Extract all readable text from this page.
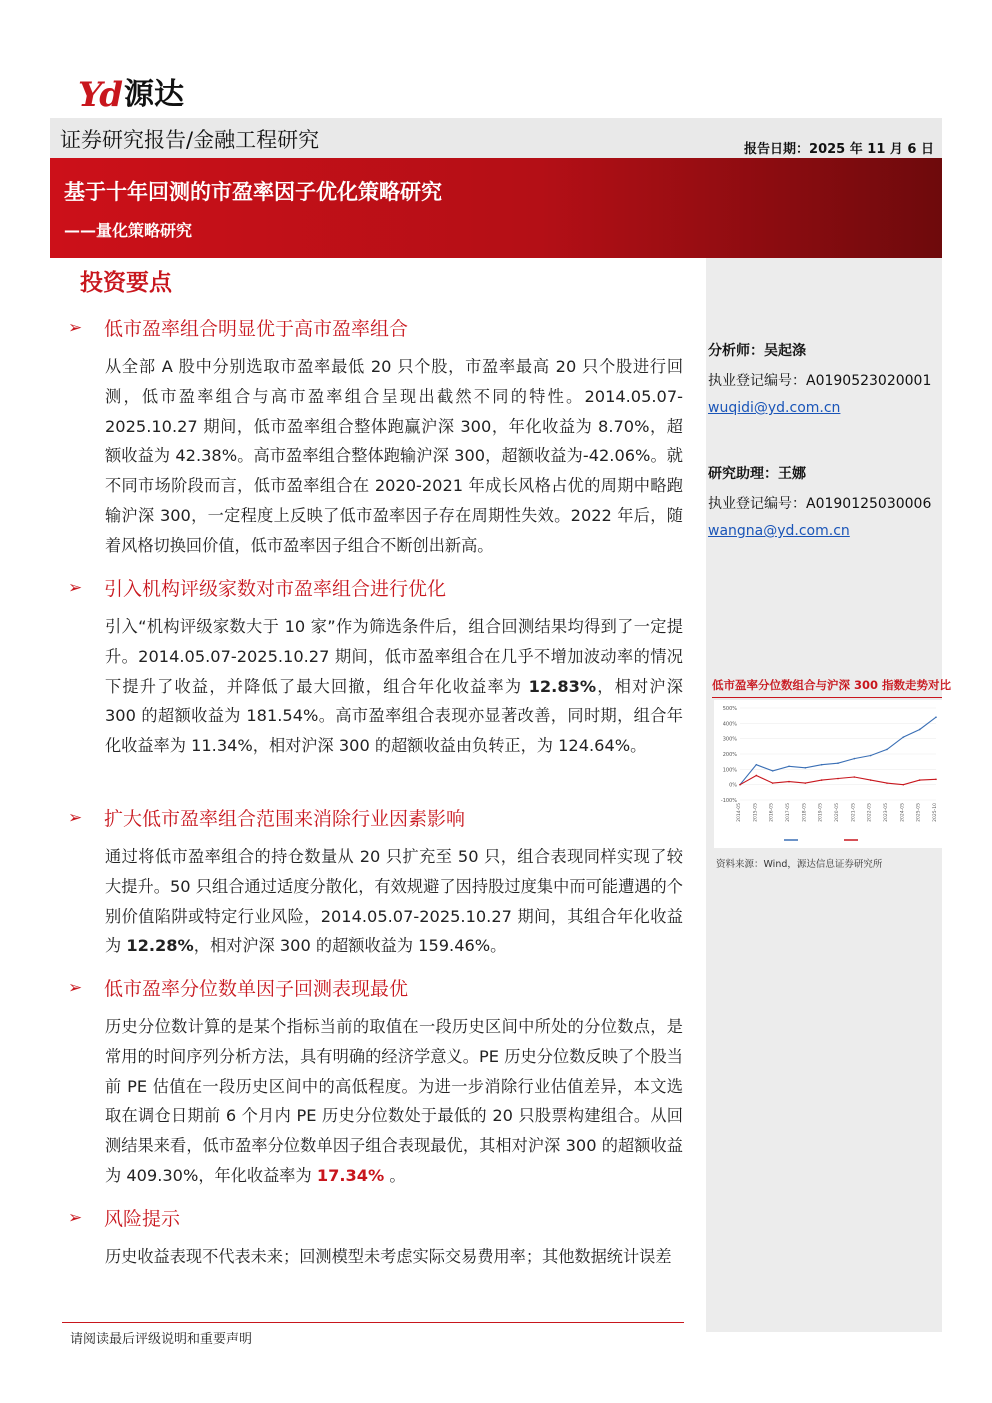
Yd 源达
证券研究报告/金融工程研究	报告日期：2025 年 11 月 6 日
基于十年回测的市盈率因子优化策略研究
——量化策略研究
分析师：吴起涤
执业登记编号：A0190523020001
wuqidi@yd.com.cn
研究助理：王娜
执业登记编号：A0190125030006
wangna@yd.com.cn
低市盈率分位数组合与沪深 300 指数走势对比
500%
400%
300%
200%
100%
0%
-100%
2014-05	2015-05	2016-05	2017-05	2018-05	2019-05	2020-05	2021-05	2022-05	2023-05	2024-05	2025-05	2025-10
资料来源：Wind，源达信息证券研究所
投资要点
➢ 低市盈率组合明显优于高市盈率组合

从全部 A 股中分别选取市盈率最低 20 只个股，市盈率最高 20 只个股进行回测，低市盈率组合与高市盈率组合呈现出截然不同的特性。2014.05.07-2025.10.27 期间，低市盈率组合整体跑赢沪深 300，年化收益为 8.70%，超额收益为 42.38%。高市盈率组合整体跑输沪深 300，超额收益为-42.06%。就不同市场阶段而言，低市盈率组合在 2020-2021 年成长风格占优的周期中略跑输沪深 300，一定程度上反映了低市盈率因子存在周期性失效。2022 年后，随着风格切换回价值，低市盈率因子组合不断创出新高。

➢ 引入机构评级家数对市盈率组合进行优化

引入“机构评级家数大于 10 家”作为筛选条件后，组合回测结果均得到了一定提升。2014.05.07-2025.10.27 期间，低市盈率组合在几乎不增加波动率的情况下提升了收益，并降低了最大回撤，组合年化收益率为 12.83%，相对沪深 300 的超额收益为 181.54%。高市盈率组合表现亦显著改善，同时期，组合年化收益率为 11.34%，相对沪深 300 的超额收益由负转正，为 124.64%。

➢ 扩大低市盈率组合范围来消除行业因素影响

通过将低市盈率组合的持仓数量从 20 只扩充至 50 只，组合表现同样实现了较大提升。50 只组合通过适度分散化，有效规避了因持股过度集中而可能遭遇的个别价值陷阱或特定行业风险，2014.05.07-2025.10.27 期间，其组合年化收益为 12.28%，相对沪深 300 的超额收益为 159.46%。

➢ 低市盈率分位数单因子回测表现最优

历史分位数计算的是某个指标当前的取值在一段历史区间中所处的分位数点，是常用的时间序列分析方法，具有明确的经济学意义。PE 历史分位数反映了个股当前 PE 估值在一段历史区间中的高低程度。为进一步消除行业估值差异，本文选取在调仓日期前 6 个月内 PE 历史分位数处于最低的 20 只股票构建组合。从回测结果来看，低市盈率分位数单因子组合表现最优，其相对沪深 300 的超额收益为 409.30%，年化收益率为 17.34% 。

➢ 风险提示

历史收益表现不代表未来；回测模型未考虑实际交易费用率；其他数据统计误差

请阅读最后评级说明和重要声明
